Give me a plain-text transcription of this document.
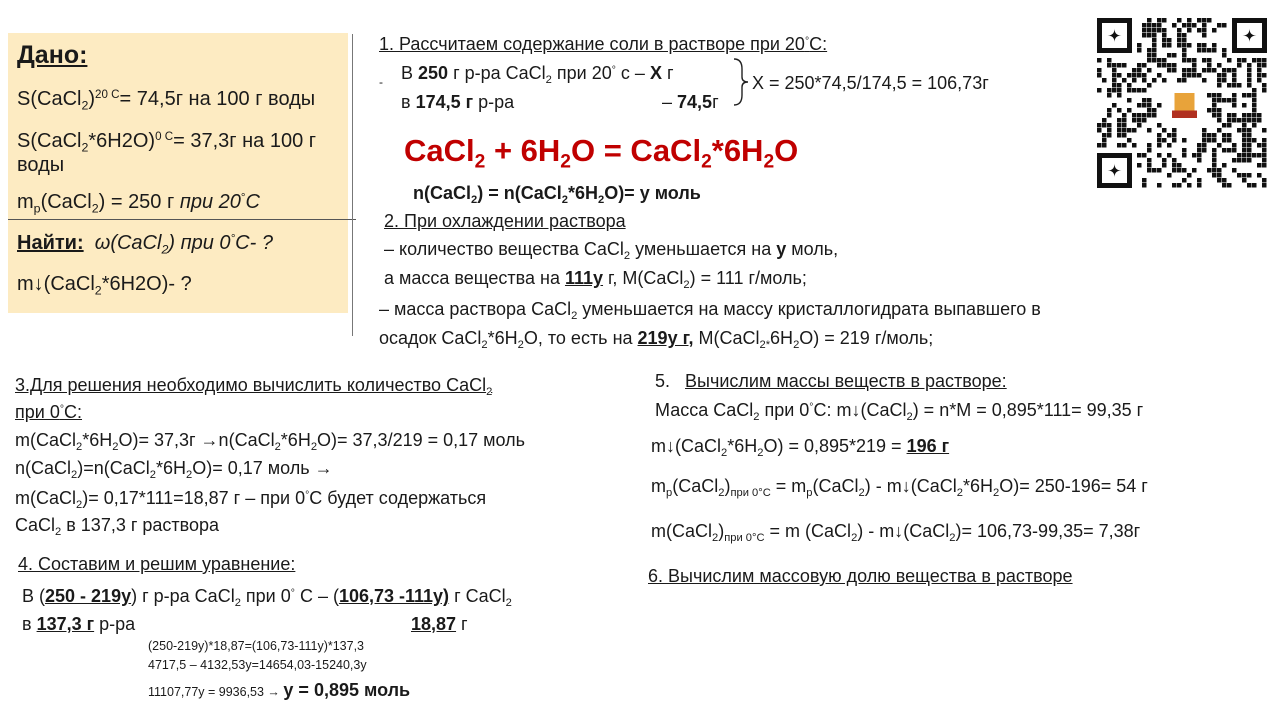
Дано:
S(CaCl$_2$)$^{20 С}$= 74,5г на 100 г воды
S(CaCl$_2$*6H2O)$^{0 С}$= 37,3г на 100 г
воды
$m_р(CaCl_2) = 250$ г при 20°С
Найти: ω(CaCl$_2$) при 0°С- ?
m↓(CaCl$_2$*6H2O)- ?
1. Рассчитаем содержание соли в растворе при 20°С:
- В 250 г р-ра CaCl$_2$ при 20° с – Х г
в 174,5 г р-ра	– 74,5г
Х = 250*74,5/174,5 = 106,73г
CaCl$_2$ + $6H_2O$ = $CaCl_2*6H_2O$
n(CaCl$_2$) = $n(CaCl_2*6H_2O)= y$ моль
2. При охлаждении раствора
– количество вещества CaCl$_2$ уменьшается на y моль,
а масса вещества на 111у г, М(CaCl$_2$) = 111 г/моль;
– масса раствора CaCl$_2$ уменьшается на массу кристаллогидрата выпавшего в
осадок $CaCl_2*6H_2O$, то есть на 219у г, $М(CaCl_{2*}6H_2O) = 219$ г/моль;
3.Для решения необходимо вычислить количество CaCl$_2$
при 0°С:
$m(CaCl_2*6H_2O)= 37,3г$ $\to n(CaCl_2*6H_2O)= 37,3/219 = 0,17$ моль
$n(CaCl_2)=n(CaCl_2*6H_2O)= 0,17$ моль →
m(CaCl$_2$)= 0,17*111=18,87 г – при 0°С будет содержаться
CaCl$_2$ в 137,3 г раствора
4. Составим и решим уравнение:
В (250 - 219у) г р-ра CaCl$_2$ при 0° С – (106,73 -111у) г CaCl$_2$
в 137,3 г р-ра	18,87 г
(250-219у)*18,87=(106,73-111у)*137,3
4717,5 – 4132,53у=14654,03-15240,3у
11107,77у = 9936,53 → y = 0,895 моль
5. Вычислим массы веществ в растворе:
Масса CaCl$_2$ при 0°С: m↓(CaCl$_2$) = n*M = 0,895*111= 99,35 г
$m↓(CaCl_2*6H_2O) = 0,895*219 = 196$ г
$m_р(CaCl_2)_{при 0^\circ С}$ = $m_р(CaCl_2)$ - $m↓(CaCl_2*6H_2O)= 250-196= 54$ г
$m(CaCl_2)_{при 0^\circ С} = m$ (CaCl$_2$) - m↓(CaCl$_2$)= 106,73-99,35= 7,38г
6. Вычислим массовую долю вещества в растворе
